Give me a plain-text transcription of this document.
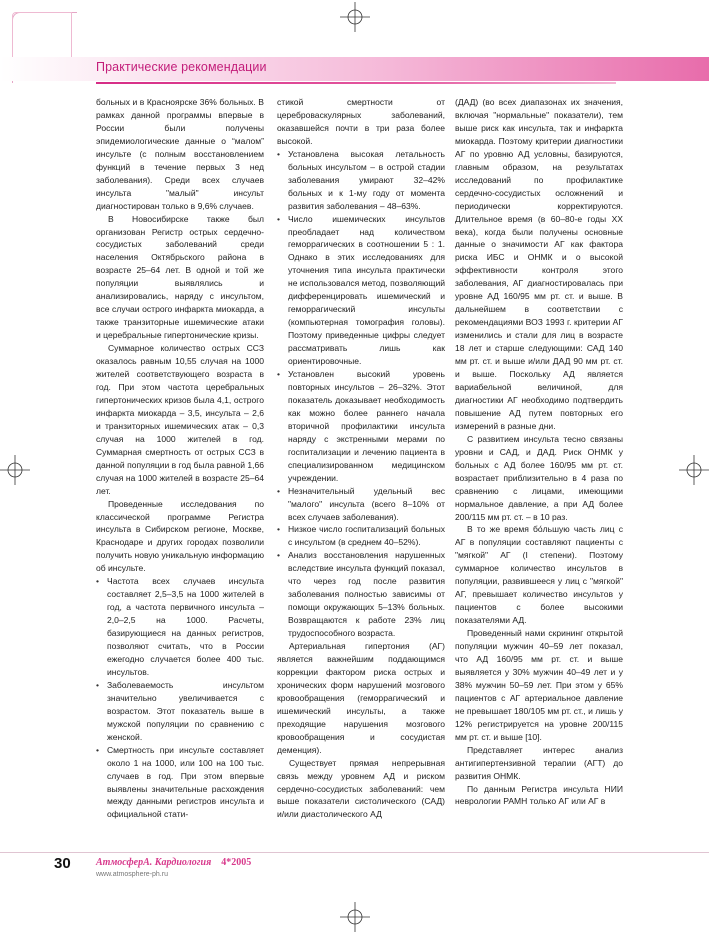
Практические рекомендации

больных и в Красноярске 36% больных. В рамках данной программы впервые в России были получены эпидемиологические данные о “малом” инсульте (с полным восстановлением функций в течение первых 3 нед заболевания). Среди всех случаев инсульта "малый" инсульт диагностирован только в 9,6% случаев.

В Новосибирске также был организован Регистр острых сердечно-сосудистых заболеваний среди населения Октябрьского района в возрасте 25–64 лет. В одной и той же популяции выявлялись и анализировались, наряду с инсультом, все случаи острого инфаркта миокарда, а также транзиторные ишемические атаки и церебральные гипертонические кризы.

Суммарное количество острых ССЗ оказалось равным 10,55 случая на 1000 жителей соответствующего возраста в год. При этом частота церебральных гипертонических кризов была 4,1, острого инфаркта миокарда – 3,5, инсульта – 2,6 и транзиторных ишемических атак – 0,3 случая на 1000 жителей в год. Суммарная смертность от острых ССЗ в данной популяции в год была равной 1,66 случая на 1000 жителей в возрасте 25–64 лет.

Проведенные исследования по классической программе Регистра инсульта в Сибирском регионе, Москве, Краснодаре и других городах позволили получить новую уникальную информацию об инсульте.

• Частота всех случаев инсульта составляет 2,5–3,5 на 1000 жителей в год, а частота первичного инсульта – 2,0–2,5 на 1000. Расчеты, базирующиеся на данных регистров, позволяют считать, что в России ежегодно случается более 400 тыс. инсультов.
• Заболеваемость инсультом значительно увеличивается с возрастом. Этот показатель выше в мужской популяции по сравнению с женской.
• Смертность при инсульте составляет около 1 на 1000, или 100 на 100 тыс. случаев в год. При этом впервые выявлены значительные расхождения между данными регистров инсульта и официальной стати-

стикой смертности от цереброваскулярных заболеваний, оказавшейся почти в три раза более высокой.

• Установлена высокая летальность больных инсультом – в острой стадии заболевания умирают 32–42% больных и к 1-му году от момента развития заболевания – 48–63%.
• Число ишемических инсультов преобладает над количеством геморрагических в соотношении 5 : 1. Однако в этих исследованиях для уточнения типа инсульта практически не использовался метод, позволяющий дифференцировать ишемический и геморрагический инсульты (компьютерная томография головы). Поэтому приведенные цифры следует рассматривать лишь как ориентировочные.
• Установлен высокий уровень повторных инсультов – 26–32%. Этот показатель доказывает необходимость как можно более раннего начала вторичной профилактики инсульта наряду с экстренными мерами по госпитализации и лечению пациента в специализированном медицинском учреждении.
• Незначительный удельный вес "малого" инсульта (всего 8–10% от всех случаев заболевания).
• Низкое число госпитализаций больных с инсультом (в среднем 40–52%).
• Анализ восстановления нарушенных вследствие инсульта функций показал, что через год после развития заболевания полностью зависимы от помощи окружающих 5–13% больных. Возвращаются к работе 23% лиц трудоспособного возраста.

Артериальная гипертония (АГ) является важнейшим поддающимся коррекции фактором риска острых и хронических форм нарушений мозгового кровообращения (геморрагический и ишемический инсульты, а также преходящие нарушения мозгового кровообращения и сосудистая деменция).

Существует прямая непрерывная связь между уровнем АД и риском сердечно-сосудистых заболеваний: чем выше показатели систолического (САД) и/или диастолического АД

(ДАД) (во всех диапазонах их значения, включая "нормальные" показатели), тем выше риск как инсульта, так и инфаркта миокарда. Поэтому критерии диагностики АГ по уровню АД условны, базируются, главным образом, на результатах исследований по профилактике сердечно-сосудистых осложнений и периодически корректируются. Длительное время (в 60–80-е годы ХХ века), когда были получены основные данные о значимости АГ как фактора риска ИБС и ОНМК и о высокой эффективности контроля этого заболевания, АГ диагностировалась при уровне АД 160/95 мм рт. ст. и выше. В дальнейшем в соответствии с рекомендациями ВОЗ 1993 г. критерии АГ изменились и стали для лиц в возрасте 18 лет и старше следующими: САД 140 мм рт. ст. и выше и/или ДАД 90 мм рт. ст. и выше. Поскольку АД является вариабельной величиной, для диагностики АГ необходимо подтвердить повышение АД путем повторных его измерений в разные дни.

С развитием инсульта тесно связаны уровни и САД, и ДАД. Риск ОНМК у больных с АД более 160/95 мм рт. ст. возрастает приблизительно в 4 раза по сравнению с лицами, имеющими нормальное давление, а при АД более 200/115 мм рт. ст. – в 10 раз.

В то же время бо́льшую часть лиц с АГ в популяции составляют пациенты с "мягкой" АГ (I степени). Поэтому суммарное количество инсультов в популяции, развившееся у лиц с "мягкой" АГ, превышает количество инсультов у пациентов с более высокими показателями АД.

Проведенный нами скрининг открытой популяции мужчин 40–59 лет показал, что АД 160/95 мм рт. ст. и выше выявляется у 30% мужчин 40–49 лет и у 38% мужчин 50–59 лет. При этом у 65% пациентов с АГ артериальное давление не превышает 180/105 мм рт. ст., и лишь у 12% регистрируется на уровне 200/115 мм рт. ст. и выше [10].

Представляет интерес анализ антигипертензивной терапии (АГТ) до развития ОНМК.

По данным Регистра инсульта НИИ неврологии РАМН только АГ или АГ в

30	АтмосферА. Кардиология 4*2005
www.atmosphere-ph.ru
